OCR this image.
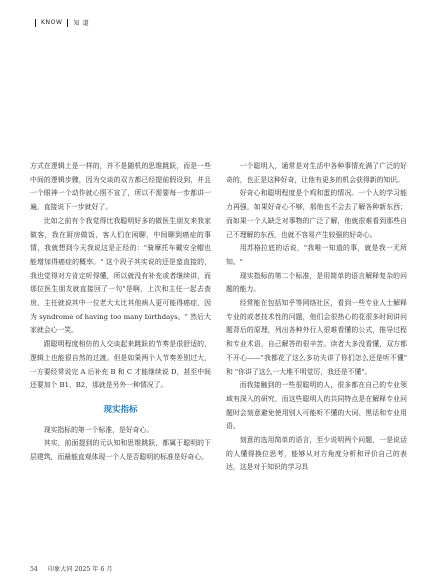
KNOW 知 道

方式在逻辑上是一样的，并不是随机的思维跳跃，而是一些中间的逻辑步骤，因为交谈的双方都已经提前假设到，并且一个眼神一个动作就心照不宣了，所以不需要每一步都讲一遍，直接说下一步就好了。

比如之前有个我觉得比我聪明好多的做医生朋友来我家做客，我在厨房做饭，客人们在闲聊，中间聊到癌症的事情，我就想到今天我说这是正经的："骑摩托车戴安全帽也能增加得癌症的概率。" 这个段子其实说的还是蛮直接的，我也觉得对方肯定听得懂，所以就没有补充或者继续讲，而那位医生朋友就直接回了一句"是啊，上次和主任一起去查房，主任就说其中一位老大太比其他病人更可能得癌症，因为 syndrome of having too many birthdays。" 然后大家就会心一笑。

跟聪明程度相仿的人交谈起来跳跃的节奏是很舒适的，逻辑上也能很自然的过渡。但是如果两个人节奏差别过大，一方要经常说完 A 后补充 B 和 C 才能继续说 D，甚至中间还要加个 B1、B2，那就是另外一种情况了。

现实指标

现实指标的第一个标准，是好奇心。

其实，前面提到的元认知和思维跳跃，都属于聪明的下层建筑，而最能直观体现一个人是否聪明的标准是好奇心。

一个聪明人，通常是对生活中各种事情充满了广泛的好奇的，也正是这种好奇，让他有更多的机会获得新的知识。

好奇心和聪明程度是个鸡和蛋的情况。一个人的学习能力再强，如果好奇心不够，那他也不会去了解各种新东西；而如果一个人缺乏对事物的广泛了解，他就很难看到那些自己不理解的东西，也就不容易产生较强的好奇心。

用苏格拉底的话说，"我唯一知道的事，就是我一无所知。"

现实指标的第二个标准，是用简单的语言解释复杂的问题的能力。

经常能在包括知乎等网络社区，看到一些专业人士解释专业的或者技术性的问题，他们会很热心的花很多时间讲问题背后的原理，列出各种外行人很难看懂的公式，推导过程和专业术语，自己解答的很辛苦。读者大多没看懂，双方都不开心——"我都花了这么多功夫讲了你们怎么还是听不懂" 和 "你讲了这么一大堆不明觉厉，我还是不懂"。

而我接触到的一些很聪明的人，很多都在自己的专业领域有深入的研究，而这些聪明人的共同特点是在解释专业问题时会刻意避免使用别人可能听不懂的大词、黑话和专业用语。

刻意的选用简单的语言，至少说明两个问题，一是说话的人懂得换位思考，能够从对方角度分析和评价自己的表达，这是对于知识的学习具

54 印象大同 2025 年 6 月
